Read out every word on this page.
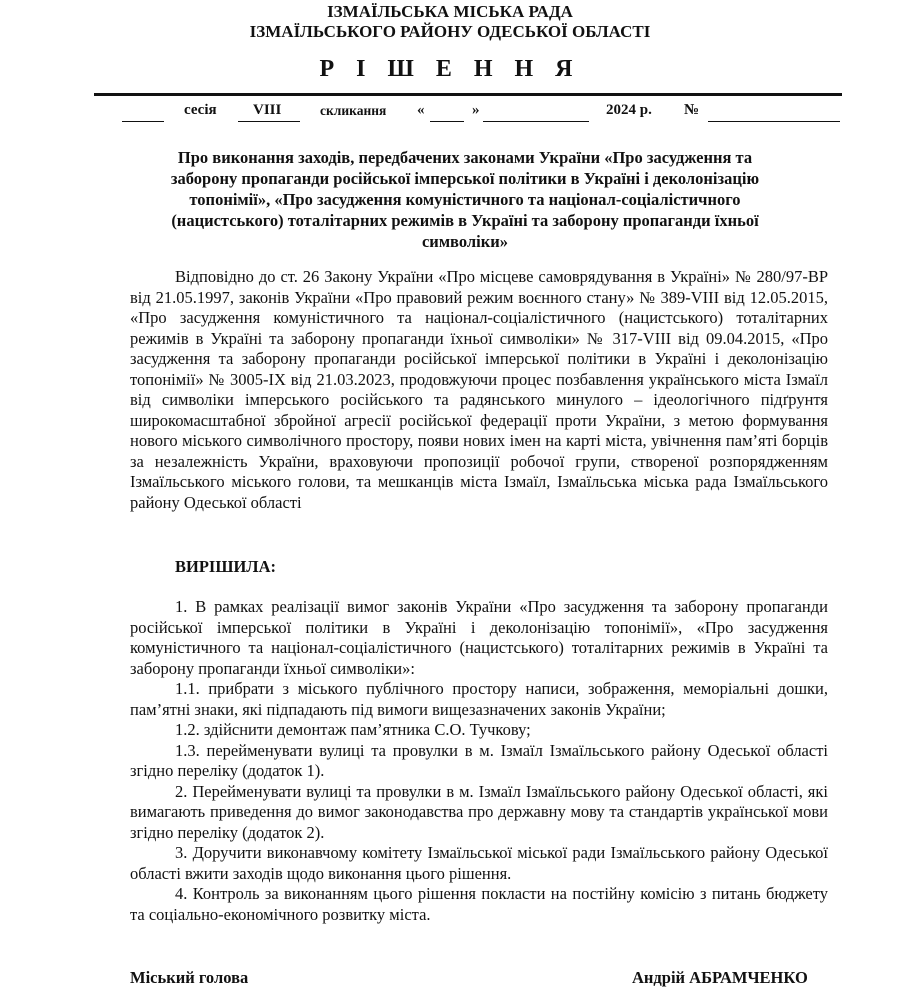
ІЗМАЇЛЬСЬКА МІСЬКА РАДА
ІЗМАЇЛЬСЬКОГО РАЙОНУ ОДЕСЬКОЇ ОБЛАСТІ
Р І Ш Е Н Н Я
сесія VIII	скликання «	»	2024 р. №
Про виконання заходів, передбачених законами України «Про засудження та заборону пропаганди російської імперської політики в Україні і деколонізацію топонімії», «Про засудження комуністичного та націонал-соціалістичного (нацистського) тоталітарних режимів в Україні та заборону пропаганди їхньої символіки»
Відповідно до ст. 26 Закону України «Про місцеве самоврядування в Україні» № 280/97-ВР від 21.05.1997, законів України «Про правовий режим воєнного стану» № 389-VIII від 12.05.2015, «Про засудження комуністичного та націонал-соціалістичного (нацистського) тоталітарних режимів в Україні та заборону пропаганди їхньої символіки» № 317-VIII від 09.04.2015, «Про засудження та заборону пропаганди російської імперської політики в Україні і деколонізацію топонімії» № 3005-ІХ від 21.03.2023, продовжуючи процес позбавлення українського міста Ізмаїл від символіки імперського російського та радянського минулого – ідеологічного підґрунтя широкомасштабної збройної агресії російської федерації проти України, з метою формування нового міського символічного простору, появи нових імен на карті міста, увічнення пам’яті борців за незалежність України, враховуючи пропозиції робочої групи, створеної розпорядженням Ізмаїльського міського голови, та мешканців міста Ізмаїл, Ізмаїльська міська рада Ізмаїльського району Одеської області
ВИРІШИЛА:

1. В рамках реалізації вимог законів України «Про засудження та заборону пропаганди російської імперської політики в Україні і деколонізацію топонімії», «Про засудження комуністичного та націонал-соціалістичного (нацистського) тоталітарних режимів в Україні та заборону пропаганди їхньої символіки»:

1.1. прибрати з міського публічного простору написи, зображення, меморіальні дошки, пам’ятні знаки, які підпадають під вимоги вищезазначених законів України;

1.2. здійснити демонтаж пам’ятника С.О. Тучкову;

1.3. перейменувати вулиці та провулки в м. Ізмаїл Ізмаїльського району Одеської області згідно переліку (додаток 1).

2. Перейменувати вулиці та провулки в м. Ізмаїл Ізмаїльського району Одеської області, які вимагають приведення до вимог законодавства про державну мову та стандартів української мови згідно переліку (додаток 2).

3. Доручити виконавчому комітету Ізмаїльської міської ради Ізмаїльського району Одеської області вжити заходів щодо виконання цього рішення.

4. Контроль за виконанням цього рішення покласти на постійну комісію з питань бюджету та соціально-економічного розвитку міста.

Міський голова	Андрій АБРАМЧЕНКО
